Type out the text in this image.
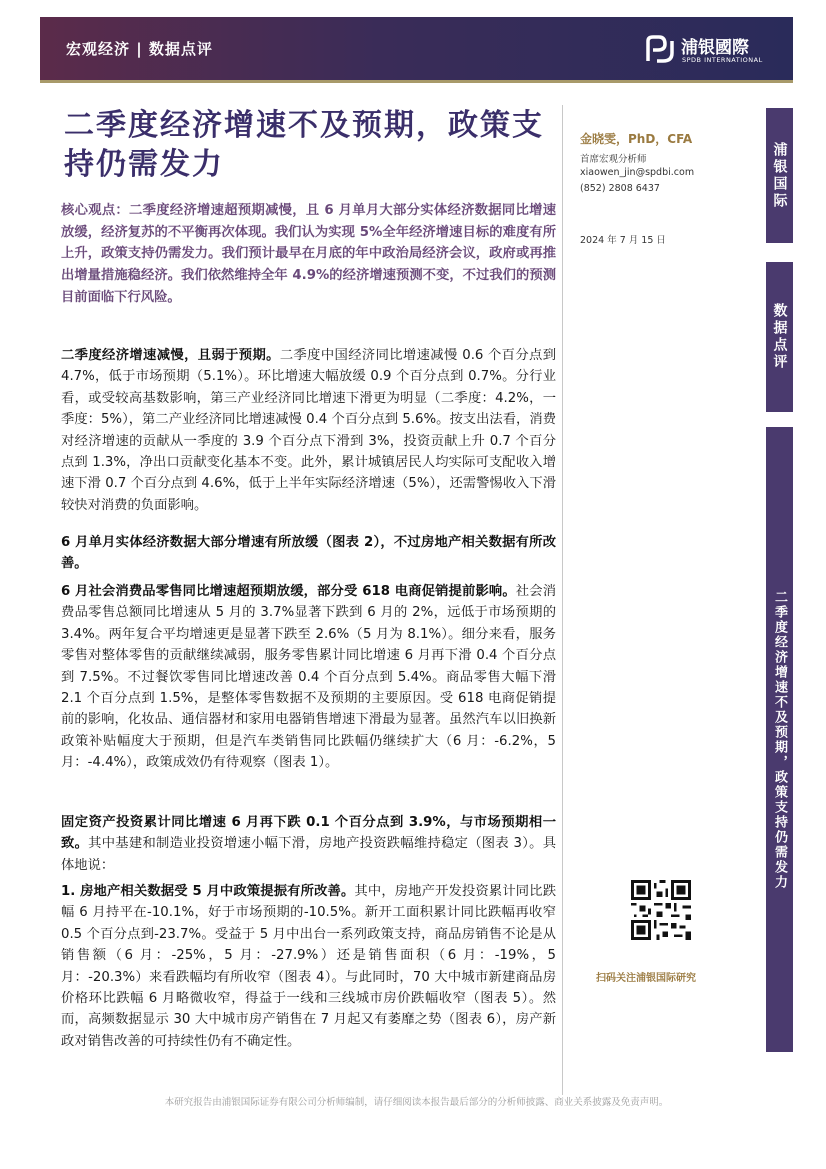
宏观经济 | 数据点评	浦银國際
SPDB INTERNATIONAL
二季度经济增速不及预期，政策支持仍需发力
核心观点：二季度经济增速超预期减慢，且 6 月单月大部分实体经济数据同比增速放缓，经济复苏的不平衡再次体现。我们认为实现 5%全年经济增速目标的难度有所上升，政策支持仍需发力。我们预计最早在月底的年中政治局经济会议，政府或再推出增量措施稳经济。我们依然维持全年 4.9%的经济增速预测不变，不过我们的预测目前面临下行风险。
二季度经济增速减慢，且弱于预期。二季度中国经济同比增速减慢 0.6 个百分点到 4.7%，低于市场预期（5.1%）。环比增速大幅放缓 0.9 个百分点到 0.7%。分行业看，或受较高基数影响，第三产业经济同比增速下滑更为明显（二季度：4.2%，一季度：5%），第二产业经济同比增速减慢 0.4 个百分点到 5.6%。按支出法看，消费对经济增速的贡献从一季度的 3.9 个百分点下滑到 3%，投资贡献上升 0.7 个百分点到 1.3%，净出口贡献变化基本不变。此外，累计城镇居民人均实际可支配收入增速下滑 0.7 个百分点到 4.6%，低于上半年实际经济增速（5%），还需警惕收入下滑较快对消费的负面影响。
6 月单月实体经济数据大部分增速有所放缓（图表 2），不过房地产相关数据有所改善。
6 月社会消费品零售同比增速超预期放缓，部分受 618 电商促销提前影响。社会消费品零售总额同比增速从 5 月的 3.7%显著下跌到 6 月的 2%，远低于市场预期的 3.4%。两年复合平均增速更是显著下跌至 2.6%（5 月为 8.1%）。细分来看，服务零售对整体零售的贡献继续减弱，服务零售累计同比增速 6 月再下滑 0.4 个百分点到 7.5%。不过餐饮零售同比增速改善 0.4 个百分点到 5.4%。商品零售大幅下滑 2.1 个百分点到 1.5%，是整体零售数据不及预期的主要原因。受 618 电商促销提前的影响，化妆品、通信器材和家用电器销售增速下滑最为显著。虽然汽车以旧换新政策补贴幅度大于预期，但是汽车类销售同比跌幅仍继续扩大（6 月：-6.2%，5 月：-4.4%），政策成效仍有待观察（图表 1）。
固定资产投资累计同比增速 6 月再下跌 0.1 个百分点到 3.9%，与市场预期相一致。其中基建和制造业投资增速小幅下滑，房地产投资跌幅维持稳定（图表 3）。具体地说：
1. 房地产相关数据受 5 月中政策提振有所改善。其中，房地产开发投资累计同比跌幅 6 月持平在-10.1%，好于市场预期的-10.5%。新开工面积累计同比跌幅再收窄 0.5 个百分点到-23.7%。受益于 5 月中出台一系列政策支持，商品房销售不论是从销售额（6 月：-25%，5 月：-27.9%）还是销售面积（6 月：-19%，5 月：-20.3%）来看跌幅均有所收窄（图表 4）。与此同时，70 大中城市新建商品房价格环比跌幅 6 月略微收窄，得益于一线和三线城市房价跌幅收窄（图表 5）。然而，高频数据显示 30 大中城市房产销售在 7 月起又有萎靡之势（图表 6），房产新政对销售改善的可持续性仍有不确定性。
金晓雯，PhD，CFA
首席宏观分析师
xiaowen_jin@spdbi.com
(852) 2808 6437
2024 年 7 月 15 日
浦银国际
数据点评
二季度经济增速不及预期，政策支持仍需发力
扫码关注浦银国际研究
本研究报告由浦银国际证券有限公司分析师编制，请仔细阅读本报告最后部分的分析师披露、商业关系披露及免责声明。
